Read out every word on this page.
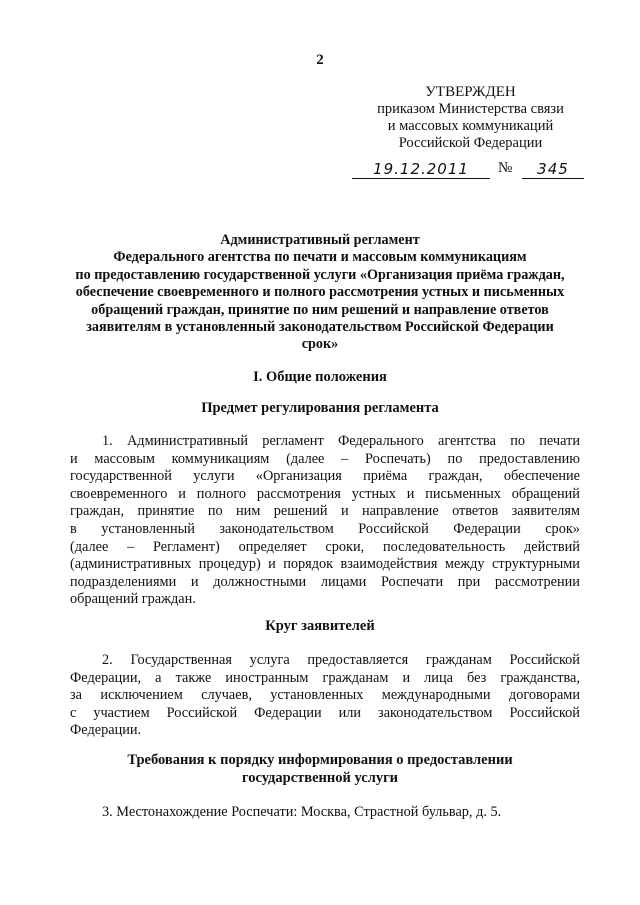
2
УТВЕРЖДЕН
приказом Министерства связи
и массовых коммуникаций
Российской Федерации
19.12.2011	№	345
Административный регламент
Федерального агентства по печати и массовым коммуникациям
по предоставлению государственной услуги «Организация приёма граждан,
обеспечение своевременного и полного рассмотрения устных и письменных
обращений граждан, принятие по ним решений и направление ответов
заявителям в установленный законодательством Российской Федерации
срок»
I. Общие положения
Предмет регулирования регламента
1. Административный регламент Федерального агентства по печати
и массовым коммуникациям (далее – Роспечать) по предоставлению
государственной услуги «Организация приёма граждан, обеспечение
своевременного и полного рассмотрения устных и письменных обращений
граждан, принятие по ним решений и направление ответов заявителям
в установленный законодательством Российской Федерации срок»
(далее – Регламент) определяет сроки, последовательность действий
(административных процедур) и порядок взаимодействия между структурными
подразделениями и должностными лицами Роспечати при рассмотрении
обращений граждан.
Круг заявителей
2. Государственная услуга предоставляется гражданам Российской
Федерации, а также иностранным гражданам и лица без гражданства,
за исключением случаев, установленных международными договорами
с участием Российской Федерации или законодательством Российской
Федерации.
Требования к порядку информирования о предоставлении
государственной услуги
3. Местонахождение Роспечати: Москва, Страстной бульвар, д. 5.
